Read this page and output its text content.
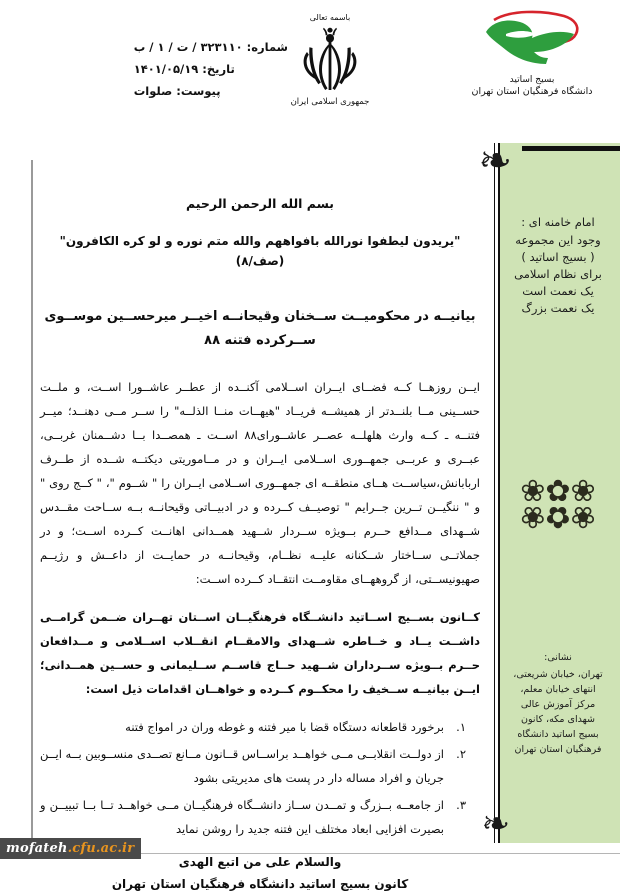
شماره: ۳۲۳۱۱۰ / ت / ۱ / ب
تاریخ: ۱۴۰۱/۰۵/۱۹
پیوست: صلوات
باسمه تعالی
جمهوری اسلامی ایران
بسیج اساتید
دانشگاه فرهنگیان استان تهران
❧
❧
امام خامنه ای :
وجود این مجموعه
( بسیج اساتید )
برای نظام اسلامی
یک نعمت است
یک نعمت بزرگ
❀✿❀
❀✿❀
نشانی:
تهران، خیابان شریعتی،
انتهای خیابان معلم،
مرکز آموزش عالی
شهدای مکه، کانون
بسیج اساتید دانشگاه
فرهنگیان استان تهران
بسم الله الرحمن الرحیم
"یریدون لیطفوا نورالله بافواههم والله متم نوره و لو کره الکافرون" (صف/۸)
بیانیــه در محکومیــت ســخنان وقیحانــه اخیــر میرحســین موســوی ســرکرده فتنه ۸۸

ایــن روزهــا کــه فضــای ایــران اســلامی آکنــده از عطــر عاشــورا اســت، و ملــت حســینی مــا بلنــدتر از همیشــه فریــاد "هیهــات منــا الذلــه" را ســر مــی دهنــد؛ میــر فتنــه ـ کــه وارث هلهلــه عصــر عاشــورای۸۸ اســت ـ همصــدا بــا دشــمنان غربــی، عبــری و عربــی جمهــوری اســلامی ایــران و در مــاموریتی دیکتــه شــده از طــرف اربابانش،سیاســت هــای منطقــه ای جمهــوری اســلامی ایــران را " شــوم "، " کــج روی " و " ننگیــن تــرین جــرایم " توصیــف کــرده و در ادبیــاتی وقیحانــه بــه ســاحت مقــدس شــهدای مــدافع حــرم بــویژه ســردار شــهید همــدانی اهانــت کــرده اســت؛ و در جملاتــی ســاختار شــکنانه علیــه نظــام، وقیحانــه در حمایــت از داعــش و رژیــم صهیونیســتی، از گروههــای مقاومــت انتقــاد کــرده اســت:

کــانون بســیج اســاتید دانشــگاه فرهنگیــان اســتان تهــران ضــمن گرامــی داشــت یــاد و خــاطره شــهدای والامقــام انقــلاب اســلامی و مــدافعان حــرم بــویژه ســرداران شــهید حــاج قاســم ســلیمانی و حســین همــدانی؛ ایــن بیانیــه ســخیف را محکــوم کــرده و خواهــان اقدامات ذیل است:

۱.
برخورد قاطعانه دستگاه قضا با میر فتنه و غوطه وران در امواج فتنه
۲.
از دولــت انقلابــی مــی خواهــد براســاس قــانون مــانع تصــدی منســوبین بــه ایــن جریان و افراد مساله دار در پست های مدیریتی بشود
۳.
از جامعــه بــزرگ و تمــدن ســاز دانشــگاه فرهنگیــان مــی خواهــد تــا بــا تبییــن و بصیرت افزایی ابعاد مختلف این فتنه جدید را روشن نماید
والسلام علی من اتبع الهدی
کانون بسیج اساتید دانشگاه فرهنگیان استان تهران
mofateh.cfu.ac.ir
